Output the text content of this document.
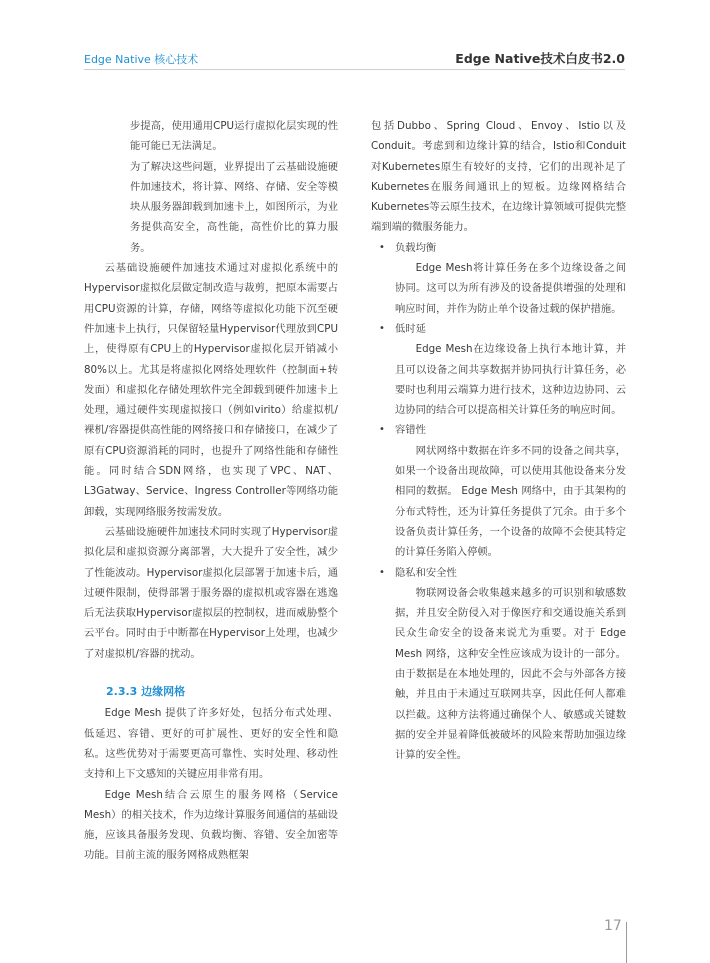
Edge Native 核心技术	Edge Native技术白皮书2.0

步提高，使用通用CPU运行虚拟化层实现的性能可能已无法满足。

为了解决这些问题，业界提出了云基础设施硬件加速技术，将计算、网络、存储、安全等模块从服务器卸载到加速卡上，如图所示，为业务提供高安全，高性能，高性价比的算力服务。

云基础设施硬件加速技术通过对虚拟化系统中的Hypervisor虚拟化层做定制改造与裁剪，把原本需要占用CPU资源的计算，存储，网络等虚拟化功能下沉至硬件加速卡上执行，只保留轻量Hypervisor代理放到CPU上，使得原有CPU上的Hypervisor虚拟化层开销减小80%以上。尤其是将虚拟化网络处理软件（控制面+转发面）和虚拟化存储处理软件完全卸载到硬件加速卡上处理，通过硬件实现虚拟接口（例如virito）给虚拟机/裸机/容器提供高性能的网络接口和存储接口，在减少了原有CPU资源消耗的同时，也提升了网络性能和存储性能。同时结合SDN网络，也实现了VPC、NAT、L3Gatway、Service、Ingress Controller等网络功能卸载，实现网络服务按需发放。

云基础设施硬件加速技术同时实现了Hypervisor虚拟化层和虚拟资源分离部署，大大提升了安全性，减少了性能波动。Hypervisor虚拟化层部署于加速卡后，通过硬件限制，使得部署于服务器的虚拟机或容器在逃逸后无法获取Hypervisor虚拟层的控制权，进而威胁整个云平台。同时由于中断都在Hypervisor上处理，也减少了对虚拟机/容器的扰动。

2.3.3 边缘网格

Edge Mesh 提供了许多好处，包括分布式处理、低延迟、容错、更好的可扩展性、更好的安全性和隐私。这些优势对于需要更高可靠性、实时处理、移动性支持和上下文感知的关键应用非常有用。

Edge Mesh结合云原生的服务网格（Service Mesh）的相关技术，作为边缘计算服务间通信的基础设施，应该具备服务发现、负载均衡、容错、安全加密等功能。目前主流的服务网格成熟框架

包括Dubbo、Spring Cloud、Envoy、Istio以及Conduit。考虑到和边缘计算的结合，Istio和Conduit对Kubernetes原生有较好的支持，它们的出现补足了Kubernetes在服务间通讯上的短板。边缘网格结合Kubernetes等云原生技术，在边缘计算领域可提供完整端到端的微服务能力。

• 负载均衡

Edge Mesh将计算任务在多个边缘设备之间协同。这可以为所有涉及的设备提供增强的处理和响应时间，并作为防止单个设备过载的保护措施。

• 低时延

Edge Mesh在边缘设备上执行本地计算，并且可以设备之间共享数据并协同执行计算任务，必要时也利用云端算力进行技术，这种边边协同、云边协同的结合可以提高相关计算任务的响应时间。

• 容错性

网状网络中数据在许多不同的设备之间共享，如果一个设备出现故障，可以使用其他设备来分发相同的数据。 Edge Mesh 网络中，由于其架构的分布式特性，还为计算任务提供了冗余。由于多个设备负责计算任务，一个设备的故障不会使其特定的计算任务陷入停顿。

• 隐私和安全性

物联网设备会收集越来越多的可识别和敏感数据，并且安全防侵入对于像医疗和交通设施关系到民众生命安全的设备来说尤为重要。对于 Edge Mesh 网络，这种安全性应该成为设计的一部分。由于数据是在本地处理的，因此不会与外部各方接触，并且由于未通过互联网共享，因此任何人都难以拦截。这种方法将通过确保个人、敏感或关键数据的安全并显着降低被破坏的风险来帮助加强边缘计算的安全性。

17
